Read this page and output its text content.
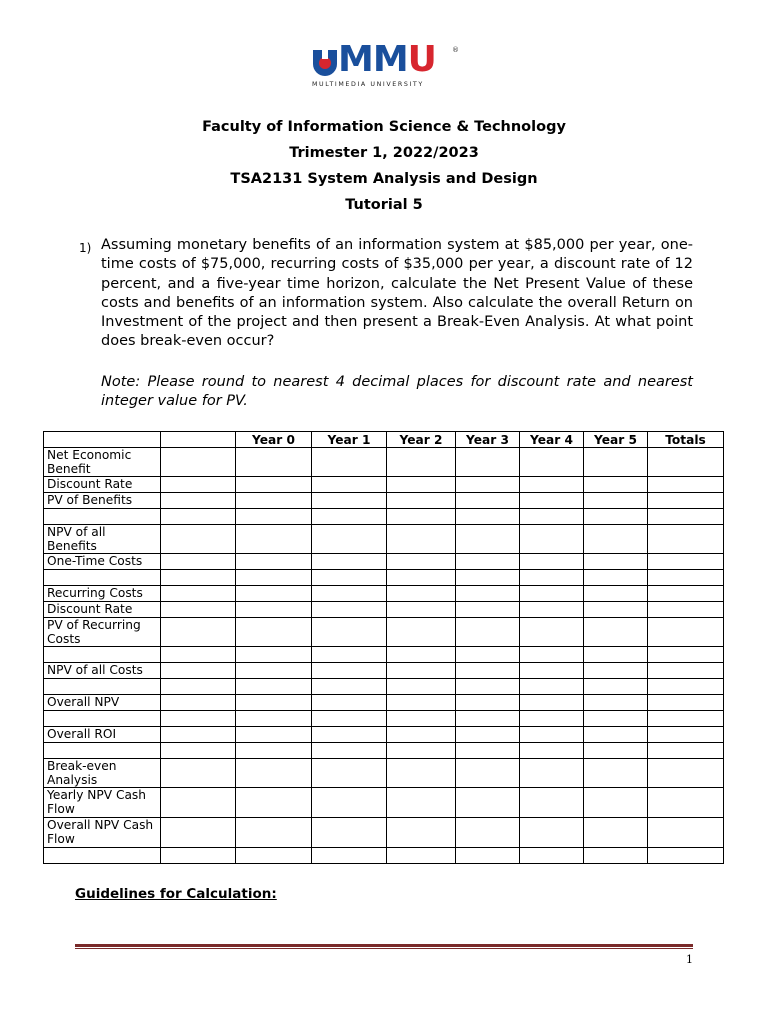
MMU ®
MULTIMEDIA UNIVERSITY
Faculty of Information Science & Technology
Trimester 1, 2022/2023
TSA2131 System Analysis and Design
Tutorial 5
1) Assuming monetary benefits of an information system at $85,000 per year, one-time costs of $75,000, recurring costs of $35,000 per year, a discount rate of 12 percent, and a five-year time horizon, calculate the Net Present Value of these costs and benefits of an information system. Also calculate the overall Return on Investment of the project and then present a Break-Even Analysis. At what point does break-even occur?
Note: Please round to nearest 4 decimal places for discount rate and nearest integer value for PV.
		Year 0	Year 1	Year 2	Year 3	Year 4	Year 5	Totals
Net Economic Benefit								
Discount Rate								
PV of Benefits								

NPV of all Benefits								
One-Time Costs								

Recurring Costs								
Discount Rate								
PV of Recurring Costs								

NPV of all Costs								

Overall NPV								

Overall ROI								

Break-even Analysis								
Yearly NPV Cash Flow								
Overall NPV Cash Flow								

Guidelines for Calculation:
1
